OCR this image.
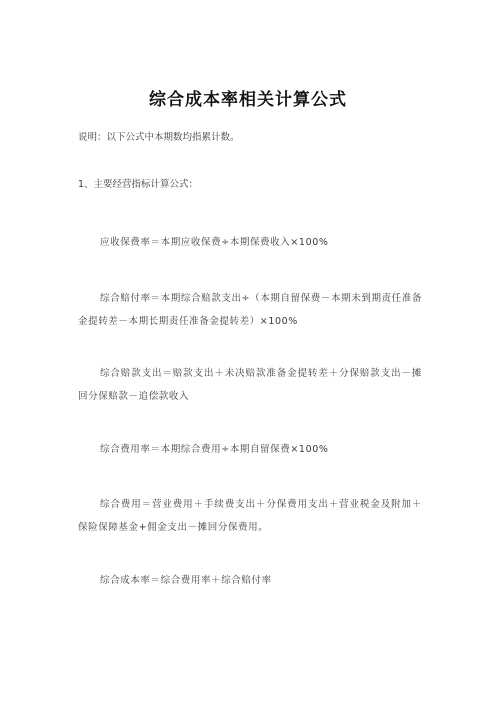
综合成本率相关计算公式
说明：以下公式中本期数均指累计数。
1、主要经营指标计算公式：
应收保费率＝本期应收保费÷本期保费收入×100%
综合赔付率＝本期综合赔款支出÷（本期自留保费－本期未到期责任准备金提转差－本期长期责任准备金提转差）×100%
综合赔款支出＝赔款支出＋未决赔款准备金提转差＋分保赔款支出－摊回分保赔款－追偿款收入
综合费用率＝本期综合费用÷本期自留保费×100%
综合费用＝营业费用＋手续费支出＋分保费用支出＋营业税金及附加＋保险保障基金+佣金支出－摊回分保费用。
综合成本率＝综合费用率＋综合赔付率
